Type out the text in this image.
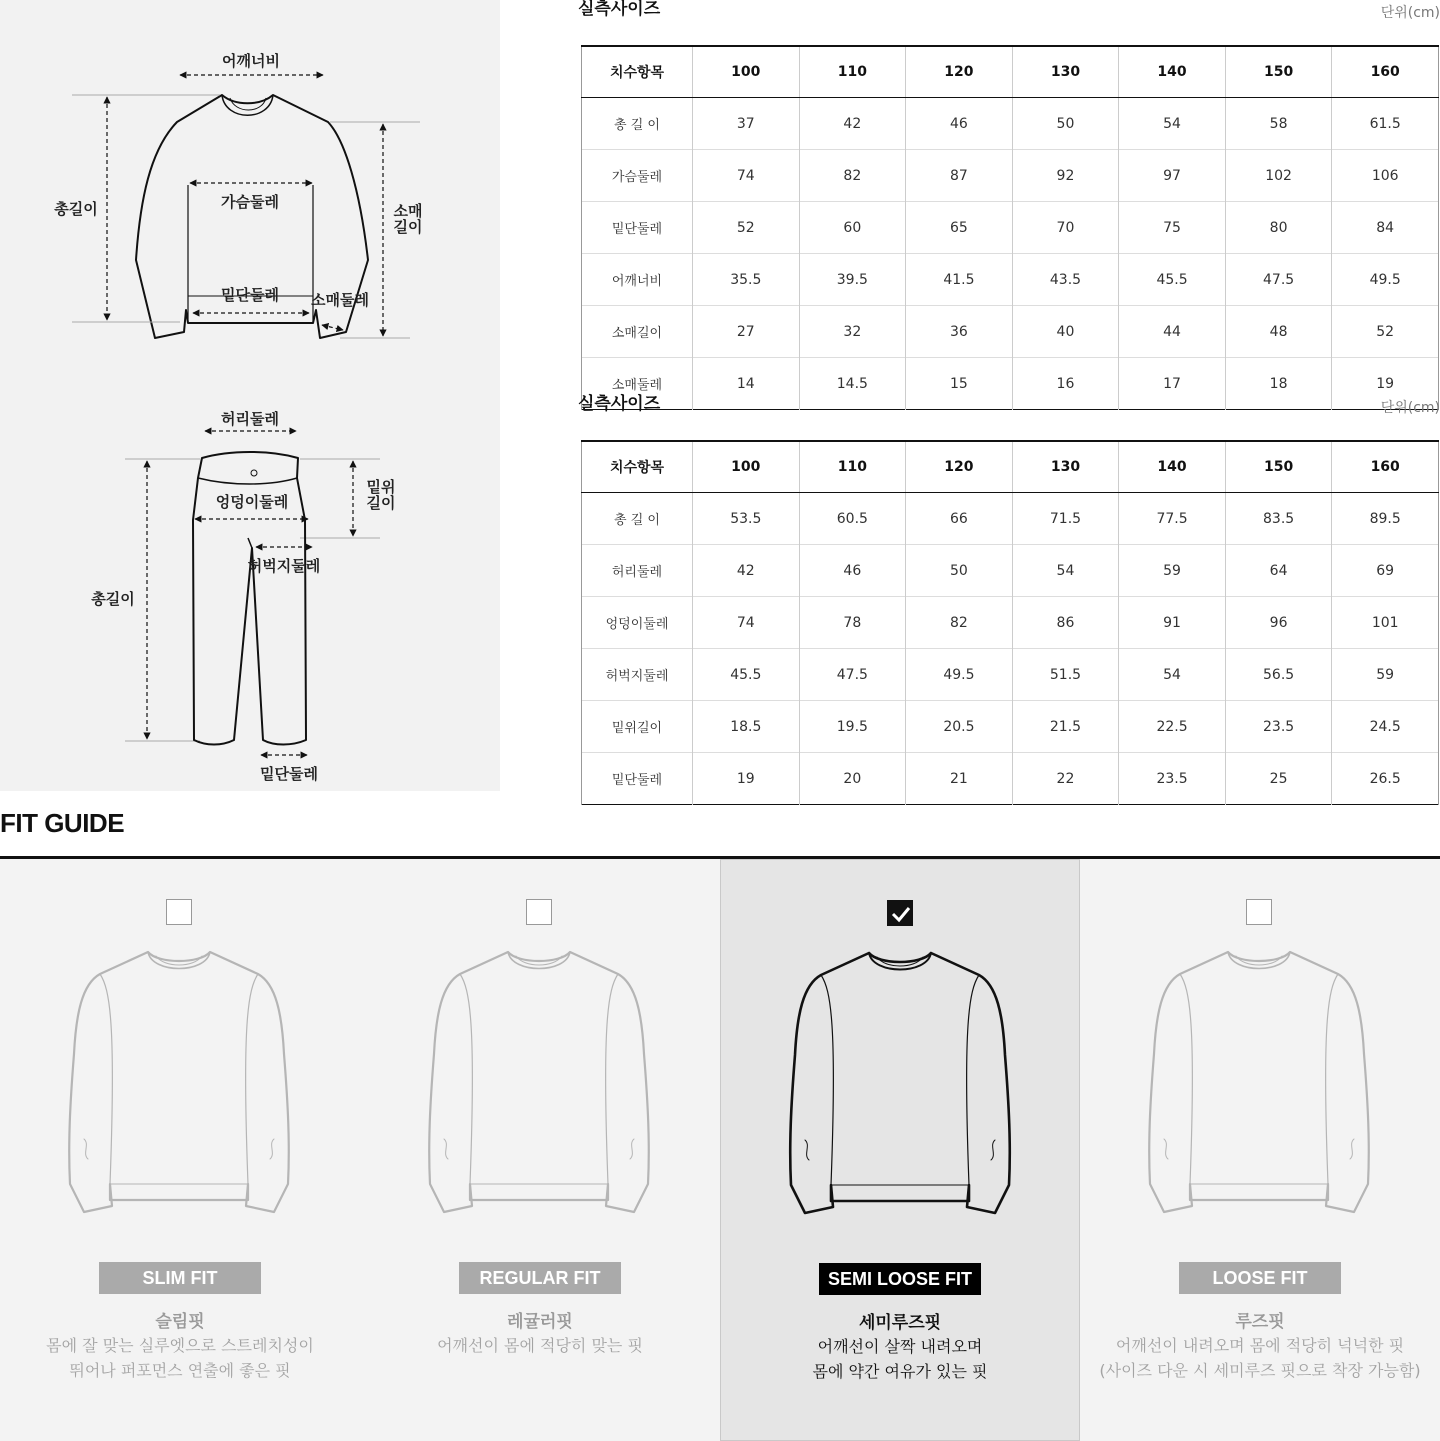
어깨너비
총길이	가슴둘레	소매
길이
밑단둘레 소매둘레
허리둘레
엉덩이둘레
밑위
길이
허벅지둘레
총길이
밑단둘레
실측사이즈	단위(cm)
치수항목	100	110	120	130	140	150	160
총 길 이	37	42	46	50	54	58	61.5
가슴둘레	74	82	87	92	97	102	106
밑단둘레	52	60	65	70	75	80	84
어깨너비	35.5	39.5	41.5	43.5	45.5	47.5	49.5
소매길이	27	32	36	40	44	48	52
소매둘레	14	14.5	15	16	17	18	19
실측사이즈	단위(cm)
치수항목	100	110	120	130	140	150	160
총 길 이	53.5	60.5	66	71.5	77.5	83.5	89.5
허리둘레	42	46	50	54	59	64	69
엉덩이둘레	74	78	82	86	91	96	101
허벅지둘레	45.5	47.5	49.5	51.5	54	56.5	59
밑위길이	18.5	19.5	20.5	21.5	22.5	23.5	24.5
밑단둘레	19	20	21	22	23.5	25	26.5
FIT GUIDE
SLIM FIT
슬림핏
몸에 잘 맞는 실루엣으로 스트레치성이
뛰어나 퍼포먼스 연출에 좋은 핏
REGULAR FIT
레귤러핏
어깨선이 몸에 적당히 맞는 핏
SEMI LOOSE FIT
세미루즈핏
어깨선이 살짝 내려오며
몸에 약간 여유가 있는 핏
LOOSE FIT
루즈핏
어깨선이 내려오며 몸에 적당히 넉넉한 핏
(사이즈 다운 시 세미루즈 핏으로 착장 가능함)
